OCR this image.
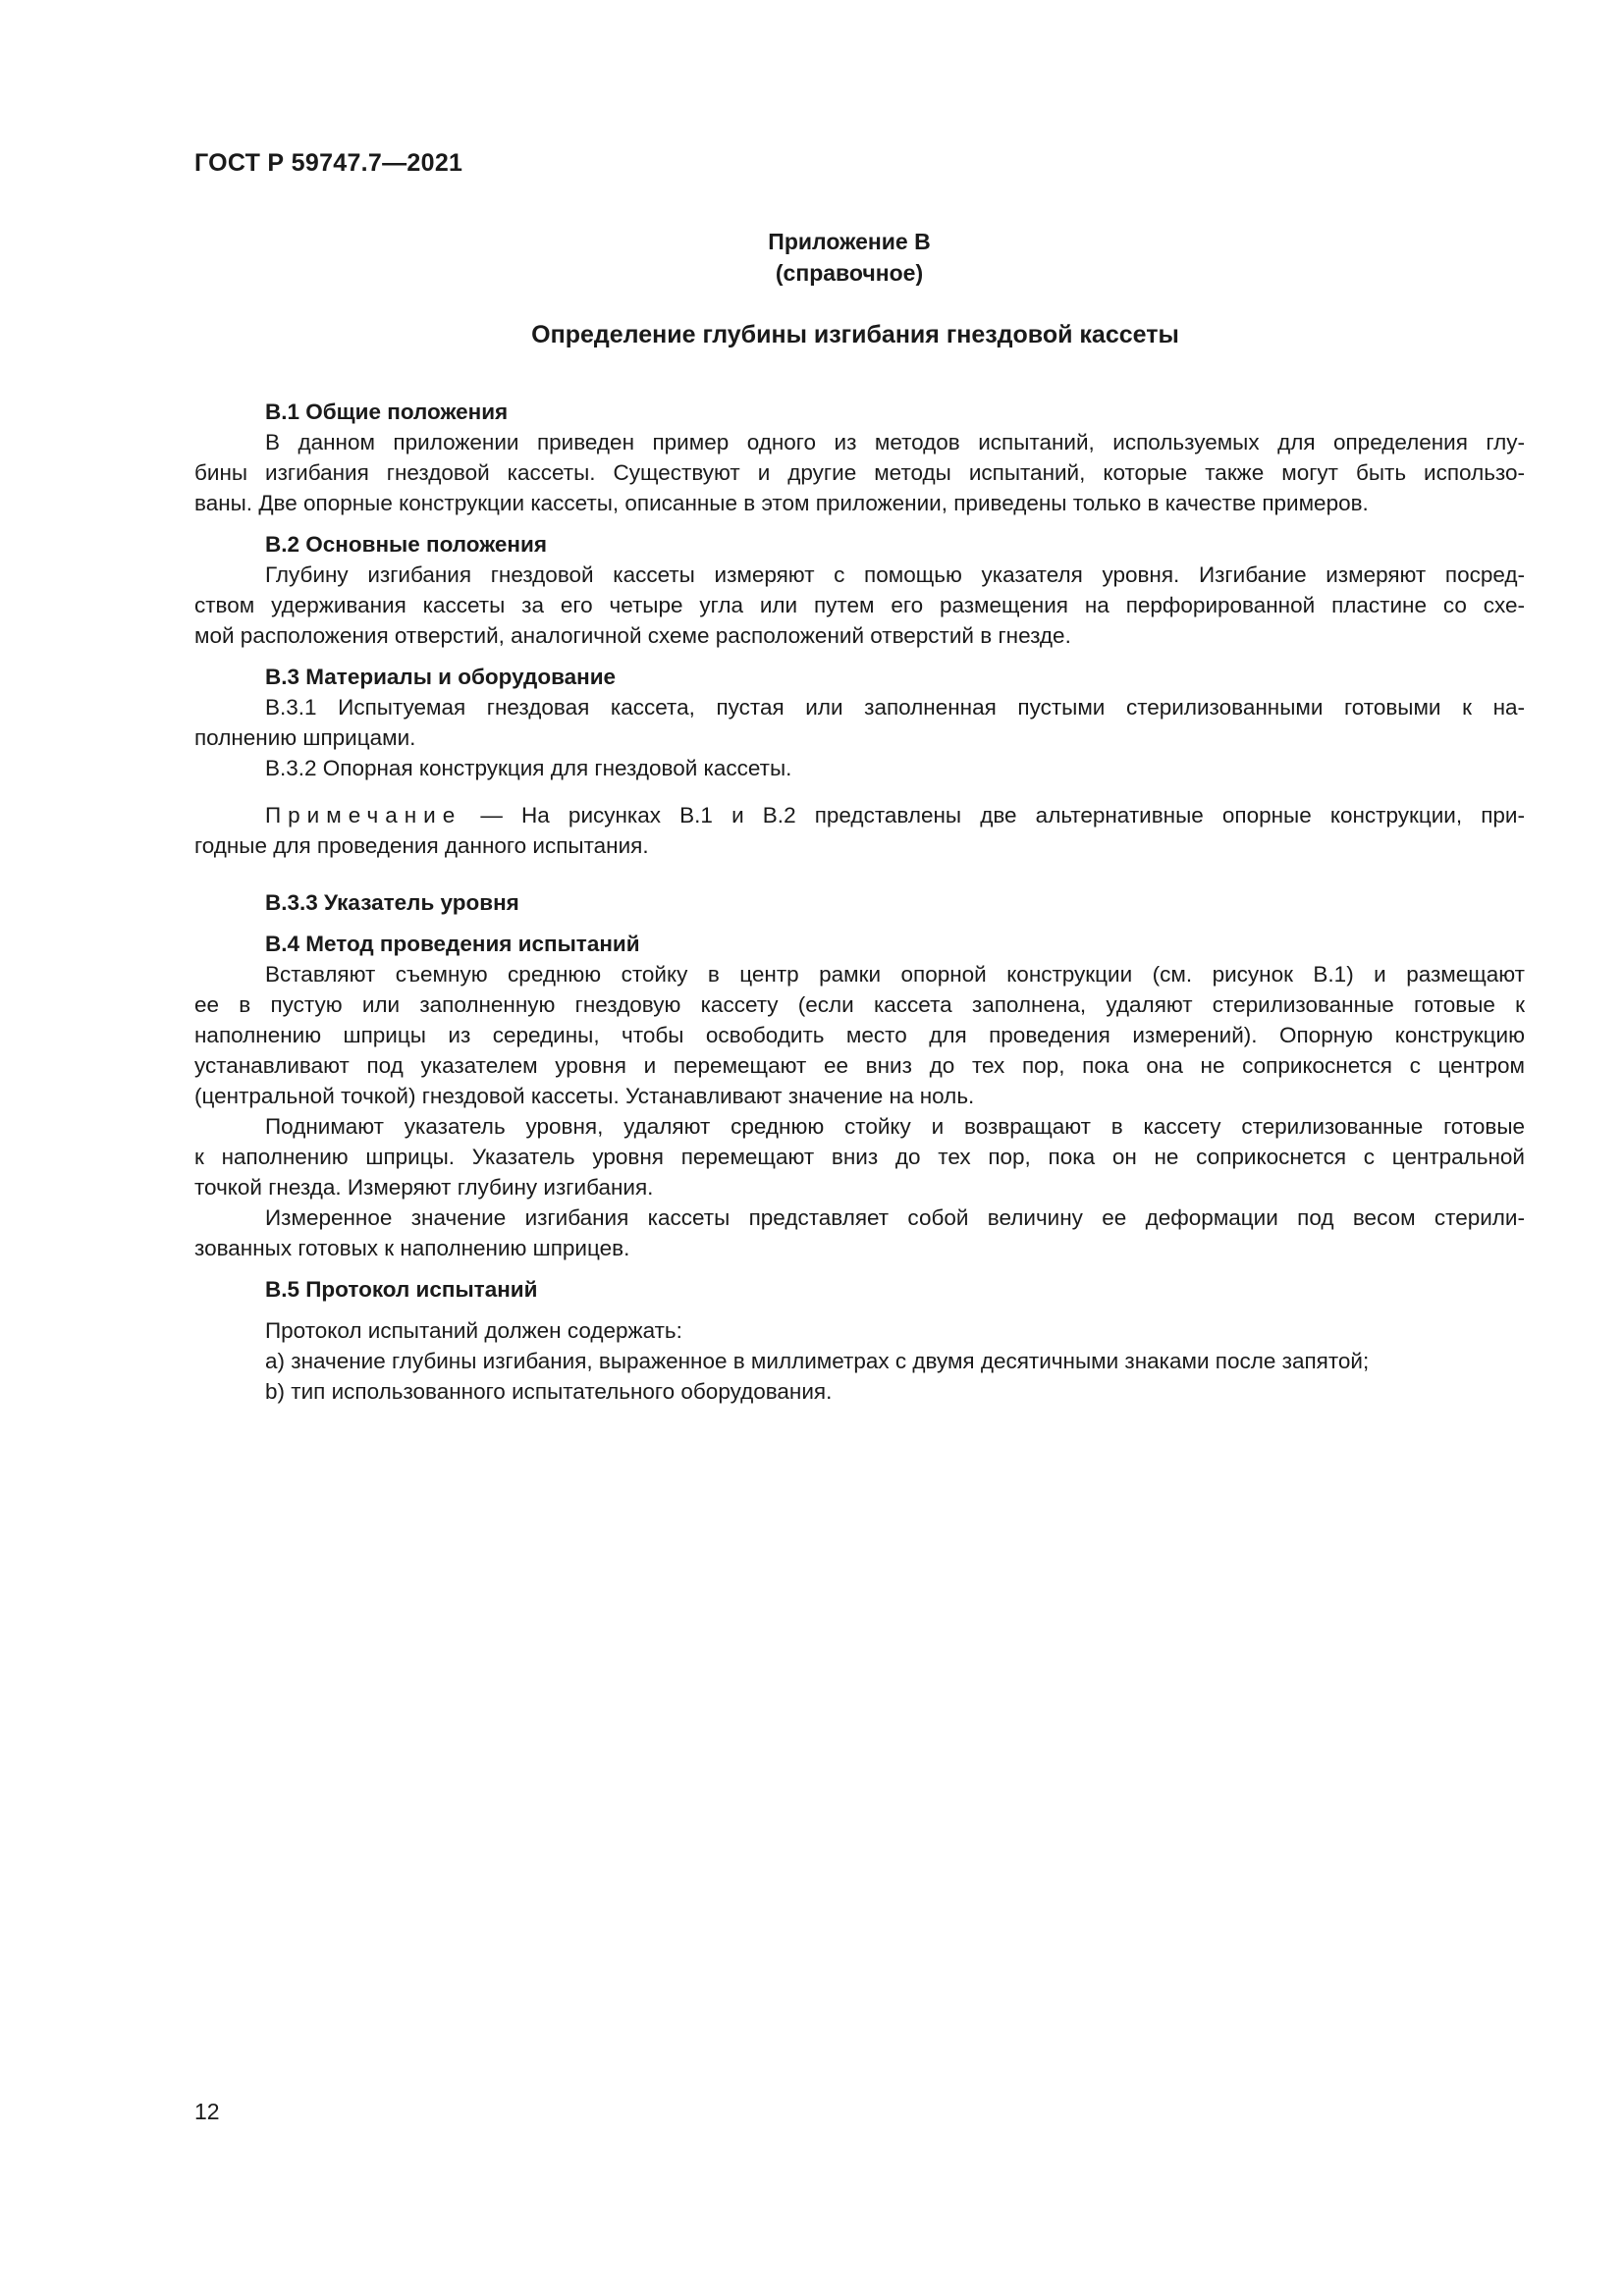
ГОСТ Р 59747.7—2021
Приложение В
(справочное)
Определение глубины изгибания гнездовой кассеты

В.1 Общие положения

В данном приложении приведен пример одного из методов испытаний, используемых для определения глу-
бины изгибания гнездовой кассеты. Существуют и другие методы испытаний, которые также могут быть использо-
ваны. Две опорные конструкции кассеты, описанные в этом приложении, приведены только в качестве примеров.

В.2 Основные положения

Глубину изгибания гнездовой кассеты измеряют с помощью указателя уровня. Изгибание измеряют посред-
ством удерживания кассеты за его четыре угла или путем его размещения на перфорированной пластине со схе-
мой расположения отверстий, аналогичной схеме расположений отверстий в гнезде.

В.3 Материалы и оборудование

В.3.1 Испытуемая гнездовая кассета, пустая или заполненная пустыми стерилизованными готовыми к на-
полнению шприцами.

В.3.2 Опорная конструкция для гнездовой кассеты.

Примечание — На рисунках В.1 и В.2 представлены две альтернативные опорные конструкции, при-
годные для проведения данного испытания.

В.3.3 Указатель уровня

В.4 Метод проведения испытаний

Вставляют съемную среднюю стойку в центр рамки опорной конструкции (см. рисунок В.1) и размещают
ее в пустую или заполненную гнездовую кассету (если кассета заполнена, удаляют стерилизованные готовые к
наполнению шприцы из середины, чтобы освободить место для проведения измерений). Опорную конструкцию
устанавливают под указателем уровня и перемещают ее вниз до тех пор, пока она не соприкоснется с центром
(центральной точкой) гнездовой кассеты. Устанавливают значение на ноль.

Поднимают указатель уровня, удаляют среднюю стойку и возвращают в кассету стерилизованные готовые
к наполнению шприцы. Указатель уровня перемещают вниз до тех пор, пока он не соприкоснется с центральной
точкой гнезда. Измеряют глубину изгибания.

Измеренное значение изгибания кассеты представляет собой величину ее деформации под весом стерили-
зованных готовых к наполнению шприцев.

В.5 Протокол испытаний

Протокол испытаний должен содержать:

a) значение глубины изгибания, выраженное в миллиметрах с двумя десятичными знаками после запятой;

b) тип использованного испытательного оборудования.

12
